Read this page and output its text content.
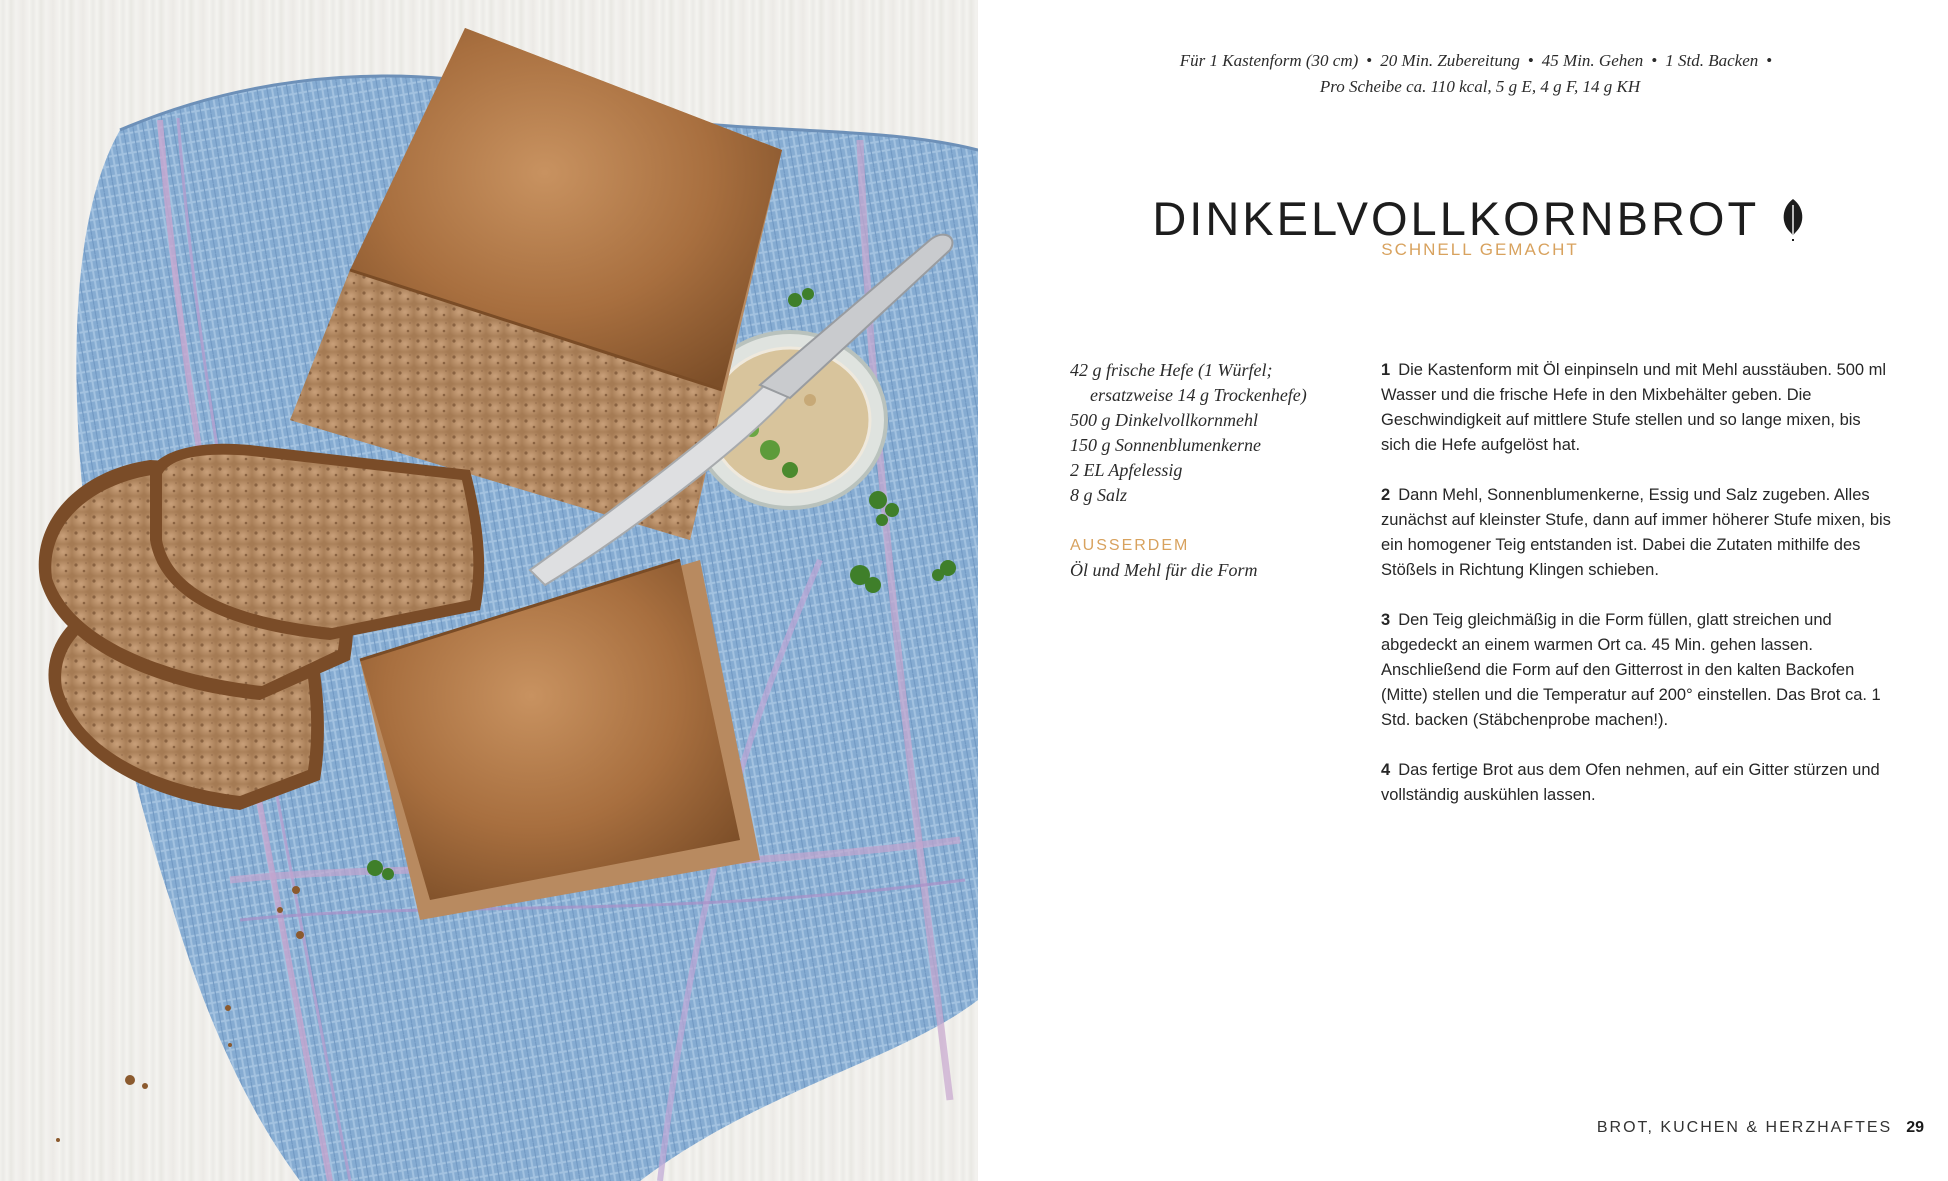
Für 1 Kastenform (30 cm) • 20 Min. Zubereitung • 45 Min. Gehen • 1 Std. Backen •
Pro Scheibe ca. 110 kcal, 5 g E, 4 g F, 14 g KH
DINKELVOLLKORNBROT
SCHNELL GEMACHT

42 g frische Hefe (1 Würfel;

ersatzweise 14 g Trockenhefe)

500 g Dinkelvollkornmehl

150 g Sonnenblumenkerne

2 EL Apfelessig

8 g Salz

AUSSERDEM

Öl und Mehl für die Form

1 Die Kastenform mit Öl einpinseln und mit Mehl ausstäuben. 500 ml Wasser und die frische Hefe in den Mixbehälter geben. Die Geschwindigkeit auf mittlere Stufe stellen und so lange mixen, bis sich die Hefe aufgelöst hat.

2 Dann Mehl, Sonnenblumenkerne, Essig und Salz zugeben. Alles zunächst auf kleinster Stufe, dann auf immer höherer Stufe mixen, bis ein homogener Teig entstanden ist. Dabei die Zutaten mithilfe des Stößels in Richtung Klingen schieben.

3 Den Teig gleichmäßig in die Form füllen, glatt streichen und abgedeckt an einem warmen Ort ca. 45 Min. gehen lassen. Anschließend die Form auf den Gitterrost in den kalten Backofen (Mitte) stellen und die Temperatur auf 200° einstellen. Das Brot ca. 1 Std. backen (Stäbchenprobe machen!).

4 Das fertige Brot aus dem Ofen nehmen, auf ein Gitter stürzen und vollständig auskühlen lassen.

BROT, KUCHEN & HERZHAFTES 29
